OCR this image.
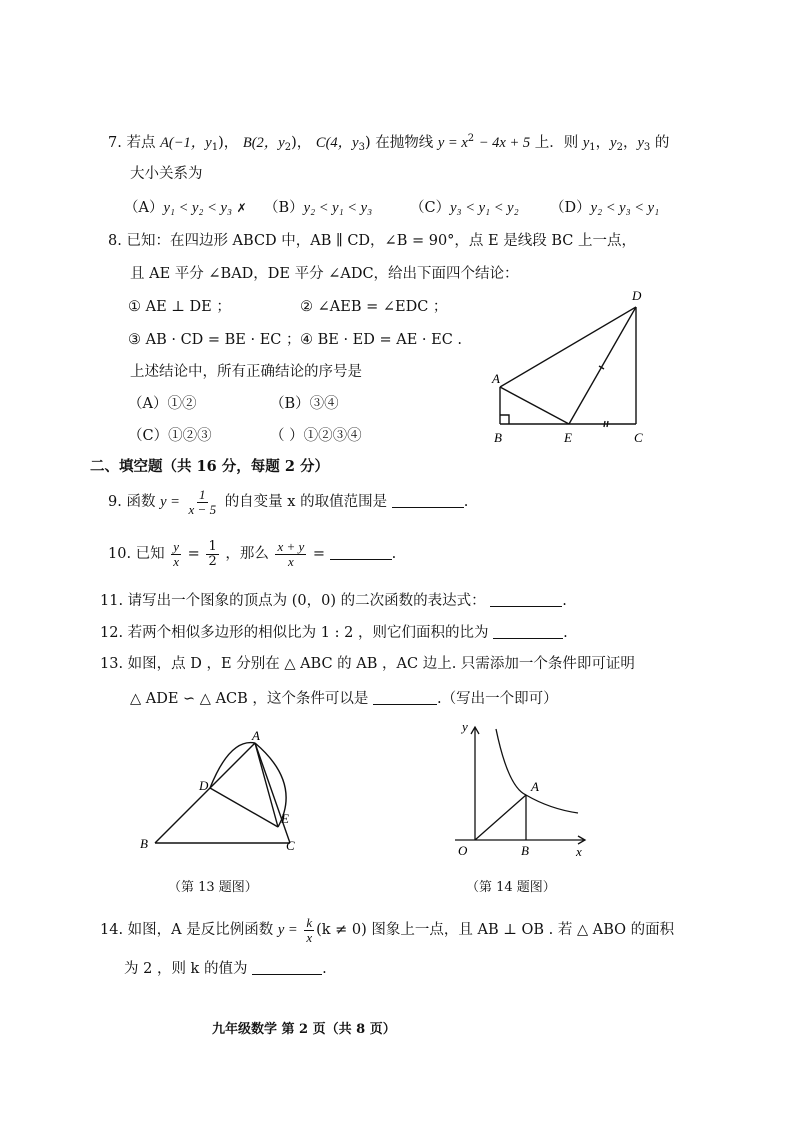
7. 若点 A(−1，$y_1$)， B(2，$y_2$)， C(4，$y_3$) 在抛物线 $y = x^2 - 4x + 5$ 上．则 $y_1$，$y_2$，$y_3$ 的
大小关系为
（A）y₁ < y₂ < y₃ ✗ （B）y₂ < y₁ < y₃	（C）y₃ < y₁ < y₂ （D）y₂ < y₃ < y₁
8. 已知：在四边形 ABCD 中，AB ∥ CD，∠B = 90°，点 E 是线段 BC 上一点，
且 AE 平分 ∠BAD，DE 平分 ∠ADC，给出下面四个结论：
① AE ⊥ DE ；	② ∠AEB = ∠EDC ；
③ AB · CD = BE · EC ； ④ BE · ED = AE · EC .
上述结论中，所有正确结论的序号是
（A）①②	（B）③④
（C）①②③	（ ）①②③④
A
D
B	E	C
二、填空题（共 16 分，每题 2 分）
9. 函数 $y = \frac{1}{x - 5}$ 的自变量 x 的取值范围是	.
10. 已知 $\frac{y}{x} = \frac{1}{2}$ ，那么 $\frac{x + y}{x}$ =	.
11. 请写出一个图象的顶点为 (0，0) 的二次函数的表达式：	.
12. 若两个相似多边形的相似比为 1 : 2 ，则它们面积的比为	.
13. 如图，点 D ，E 分别在 △ ABC 的 AB ，AC 边上. 只需添加一个条件即可证明
△ ADE ∽ △ ACB ，这个条件可以是	.（写出一个即可）
A
D
E
B	C
（第 13 题图）
y
x
O
A
B
（第 14 题图）
14. 如图，A 是反比例函数 $y = \frac{k}{x} (k \ne 0)$ 图象上一点，且 AB ⊥ OB . 若 △ ABO 的面积
为 2 ，则 k 的值为	.
九年级数学 第 2 页（共 8 页）
